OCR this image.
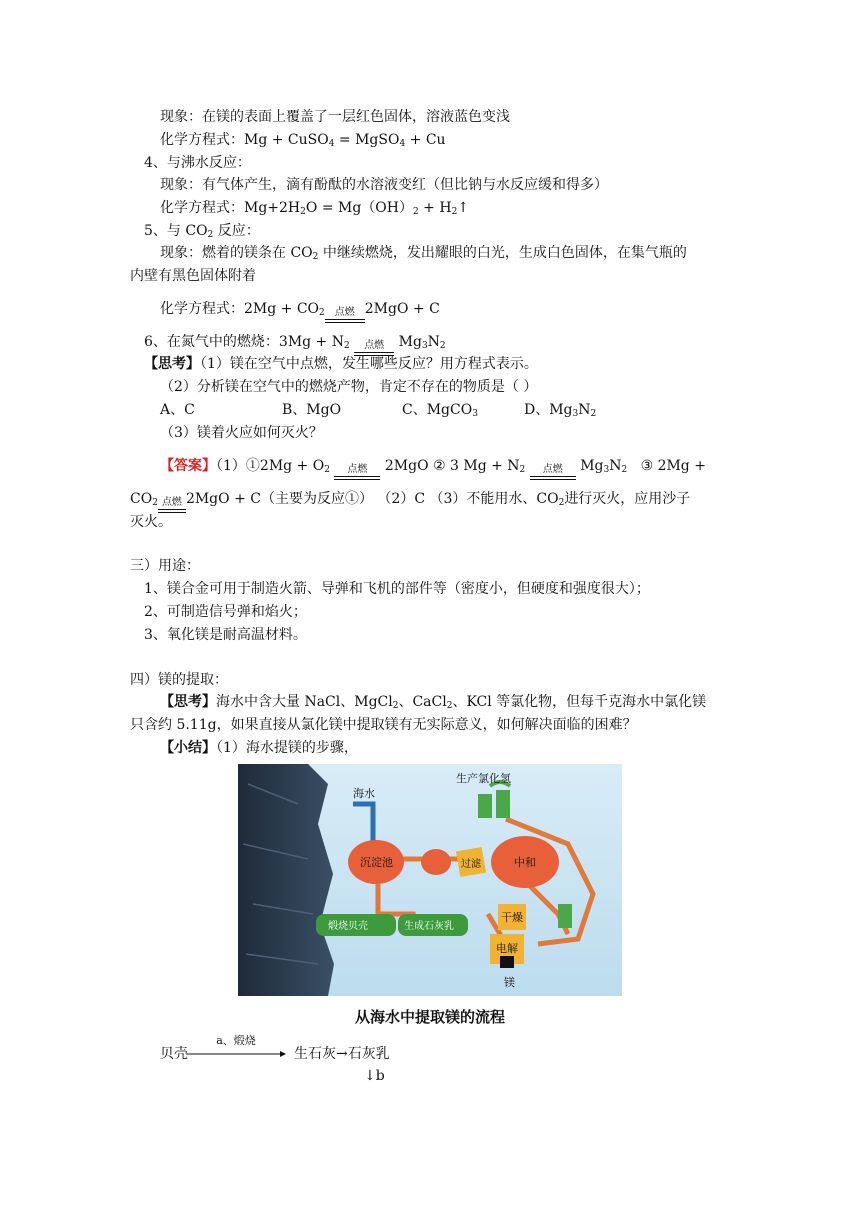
现象：在镁的表面上覆盖了一层红色固体，溶液蓝色变浅
化学方程式：Mg + CuSO$_4$ = MgSO$_4$ + Cu
4、与沸水反应：
现象：有气体产生，滴有酚酞的水溶液变红（但比钠与水反应缓和得多）
化学方程式：$Mg+2H_2O = Mg(OH)_2$ + $H_2↑$
5、与 $CO_2$ 反应：
现象：燃着的镁条在 $CO_2$ 中继续燃烧，发出耀眼的白光，生成白色固体，在集气瓶的
内壁有黑色固体附着
化学方程式：$2Mg + CO_2$	点燃 2MgO + C
6、在氮气中的燃烧：$3Mg + N_2$	点燃 $Mg_3N_2$
【思考】（1）镁在空气中点燃，发生哪些反应？用方程式表示。
（2）分析镁在空气中的燃烧产物，肯定不存在的物质是（ ）
A、C	B、MgO	C、MgCO$_3$	D、$Mg_3N_2$
（3）镁着火应如何灭火？
【答案】（1）①2Mg + $O_2$	点燃	2MgO ② 3 $Mg + N_2$	点燃	$Mg_3N_2$ ③ 2Mg +
$CO_2$ 点燃 2MgO + C（主要为反应①） （2）C （3）不能用水、$CO_2$进行灭火，应用沙子
灭火。
三）用途：
1、镁合金可用于制造火箭、导弹和飞机的部件等（密度小，但硬度和强度很大）；
2、可制造信号弹和焰火；
3、氧化镁是耐高温材料。
四）镁的提取：
【思考】海水中含大量 NaCl、MgCl$_2$、CaCl$_2$、KCl 等氯化物，但每千克海水中氯化镁
只含约 5.11g，如果直接从氯化镁中提取镁有无实际意义，如何解决面临的困难？
【小结】（1）海水提镁的步骤，
海水
生产氯化氢
沉淀池	过滤	中和
干燥
电解
镁
煅烧贝壳	生成石灰乳
从海水中提取镁的流程
贝壳
a、煅烧
生石灰→石灰乳
↓b
